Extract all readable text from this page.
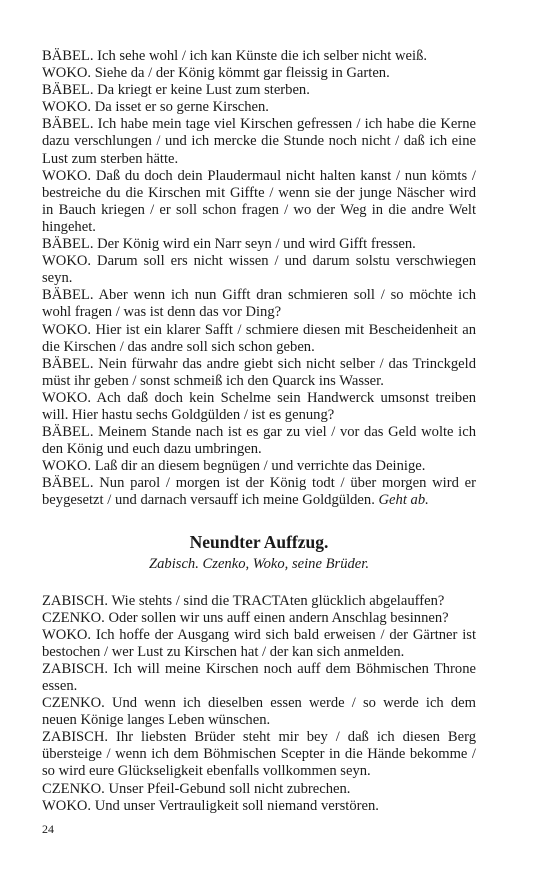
BÄBEL. Ich sehe wohl / ich kan Künste die ich selber nicht weiß.

WOKO. Siehe da / der König kömmt gar fleissig in Garten.

BÄBEL. Da kriegt er keine Lust zum sterben.

WOKO. Da isset er so gerne Kirschen.

BÄBEL. Ich habe mein tage viel Kirschen gefressen / ich habe die Kerne dazu verschlungen / und ich mercke die Stunde noch nicht / daß ich eine Lust zum sterben hätte.

WOKO. Daß du doch dein Plaudermaul nicht halten kanst / nun kömts / bestreiche du die Kirschen mit Giffte / wenn sie der junge Näscher wird in Bauch kriegen / er soll schon fragen / wo der Weg in die andre Welt hingehet.

BÄBEL. Der König wird ein Narr seyn / und wird Gifft fressen.

WOKO. Darum soll ers nicht wissen / und darum solstu verschwiegen seyn.

BÄBEL. Aber wenn ich nun Gifft dran schmieren soll / so möchte ich wohl fragen / was ist denn das vor Ding?

WOKO. Hier ist ein klarer Safft / schmiere diesen mit Bescheidenheit an die Kirschen / das andre soll sich schon geben.

BÄBEL. Nein fürwahr das andre giebt sich nicht selber / das Trinckgeld müst ihr geben / sonst schmeiß ich den Quarck ins Wasser.

WOKO. Ach daß doch kein Schelme sein Handwerck umsonst treiben will. Hier hastu sechs Goldgülden / ist es genung?

BÄBEL. Meinem Stande nach ist es gar zu viel / vor das Geld wolte ich den König und euch dazu umbringen.

WOKO. Laß dir an diesem begnügen / und verrichte das Deinige.

BÄBEL. Nun parol / morgen ist der König todt / über morgen wird er beygesetzt / und darnach versauff ich meine Goldgülden. Geht ab.

Neundter Auffzug.
Zabisch. Czenko, Woko, seine Brüder.

ZABISCH. Wie stehts / sind die TRACTAten glücklich abgelauffen?

CZENKO. Oder sollen wir uns auff einen andern Anschlag besinnen?

WOKO. Ich hoffe der Ausgang wird sich bald erweisen / der Gärtner ist bestochen / wer Lust zu Kirschen hat / der kan sich anmelden.

ZABISCH. Ich will meine Kirschen noch auff dem Böhmischen Throne essen.

CZENKO. Und wenn ich dieselben essen werde / so werde ich dem neuen Könige langes Leben wünschen.

ZABISCH. Ihr liebsten Brüder steht mir bey / daß ich diesen Berg übersteige / wenn ich dem Böhmischen Scepter in die Hände bekomme / so wird eure Glückseligkeit ebenfalls vollkommen seyn.

CZENKO. Unser Pfeil-Gebund soll nicht zubrechen.

WOKO. Und unser Vertrauligkeit soll niemand verstören.

24
